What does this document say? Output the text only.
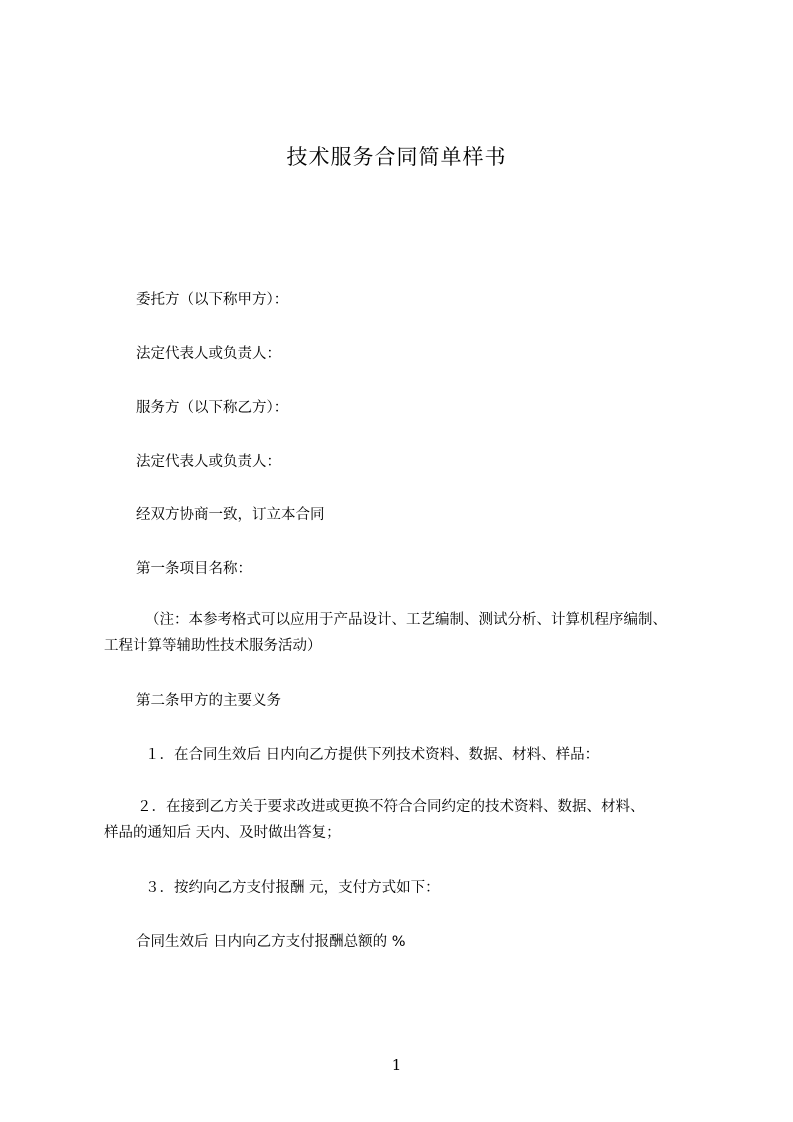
技术服务合同简单样书
委托方（以下称甲方）：
法定代表人或负责人：
服务方（以下称乙方）：
法定代表人或负责人：
经双方协商一致，订立本合同
第一条项目名称：
（注：本参考格式可以应用于产品设计、工艺编制、测试分析、计算机程序编制、
工程计算等辅助性技术服务活动）
第二条甲方的主要义务
１．在合同生效后 日内向乙方提供下列技术资料、数据、材料、样品：
２．在接到乙方关于要求改进或更换不符合合同约定的技术资料、数据、材料、
样品的通知后 天内、及时做出答复；
３．按约向乙方支付报酬 元，支付方式如下：
合同生效后 日内向乙方支付报酬总额的 %
1
